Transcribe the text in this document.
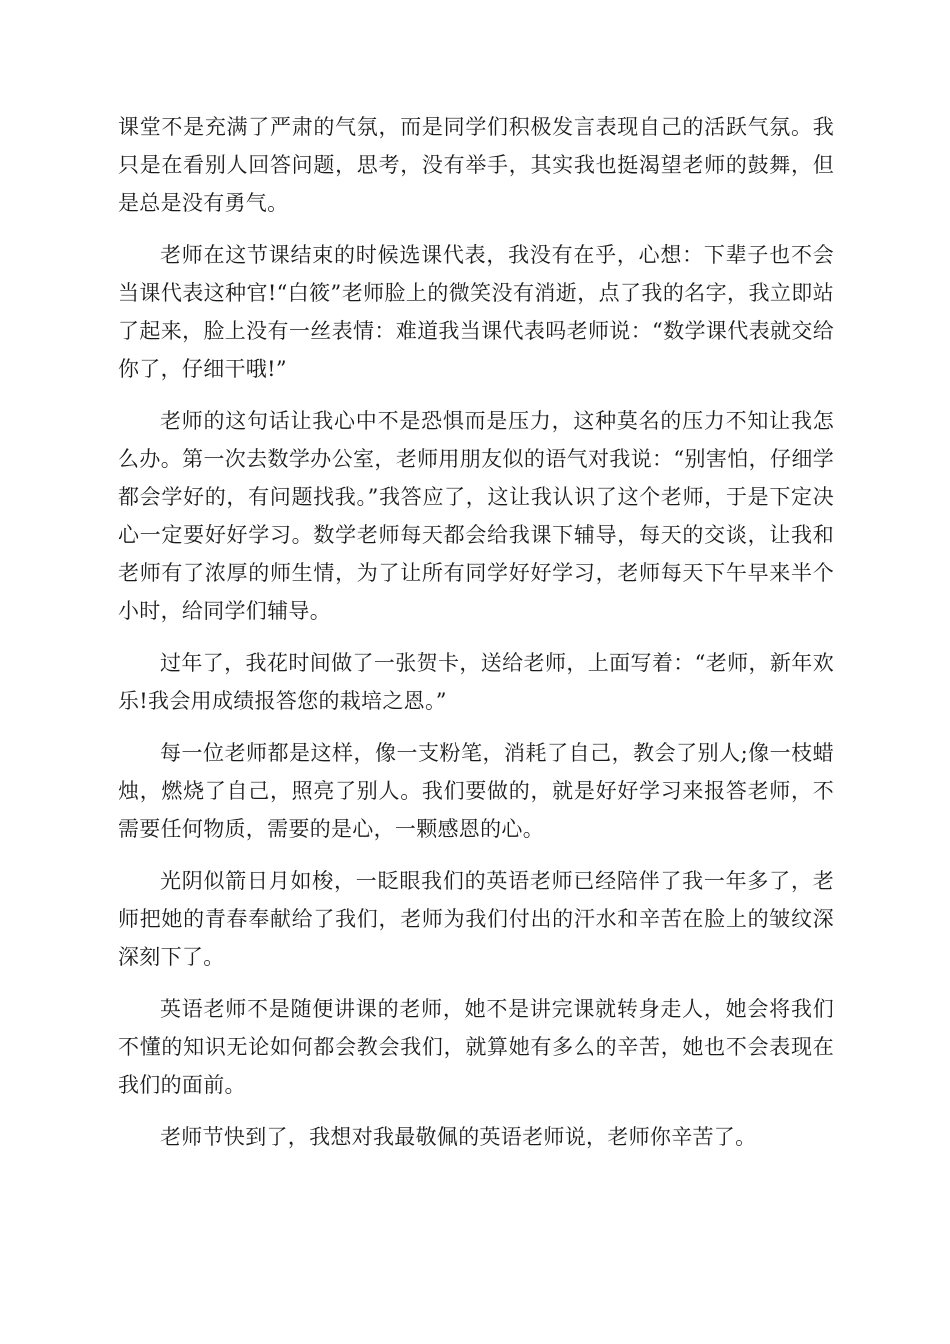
课堂不是充满了严肃的气氛，而是同学们积极发言表现自己的活跃气氛。我只是在看别人回答问题，思考，没有举手，其实我也挺渴望老师的鼓舞，但是总是没有勇气。

老师在这节课结束的时候选课代表，我没有在乎，心想：下辈子也不会当课代表这种官!“白筱”老师脸上的微笑没有消逝，点了我的名字，我立即站了起来，脸上没有一丝表情：难道我当课代表吗老师说：“数学课代表就交给你了，仔细干哦!”

老师的这句话让我心中不是恐惧而是压力，这种莫名的压力不知让我怎么办。第一次去数学办公室，老师用朋友似的语气对我说：“别害怕，仔细学都会学好的，有问题找我。”我答应了，这让我认识了这个老师，于是下定决心一定要好好学习。数学老师每天都会给我课下辅导，每天的交谈，让我和老师有了浓厚的师生情，为了让所有同学好好学习，老师每天下午早来半个小时，给同学们辅导。

过年了，我花时间做了一张贺卡，送给老师，上面写着：“老师，新年欢乐!我会用成绩报答您的栽培之恩。”

每一位老师都是这样，像一支粉笔，消耗了自己，教会了别人;像一枝蜡烛，燃烧了自己，照亮了别人。我们要做的，就是好好学习来报答老师，不需要任何物质，需要的是心，一颗感恩的心。

光阴似箭日月如梭，一眨眼我们的英语老师已经陪伴了我一年多了，老师把她的青春奉献给了我们，老师为我们付出的汗水和辛苦在脸上的皱纹深深刻下了。

英语老师不是随便讲课的老师，她不是讲完课就转身走人，她会将我们不懂的知识无论如何都会教会我们，就算她有多么的辛苦，她也不会表现在我们的面前。

老师节快到了，我想对我最敬佩的英语老师说，老师你辛苦了。
